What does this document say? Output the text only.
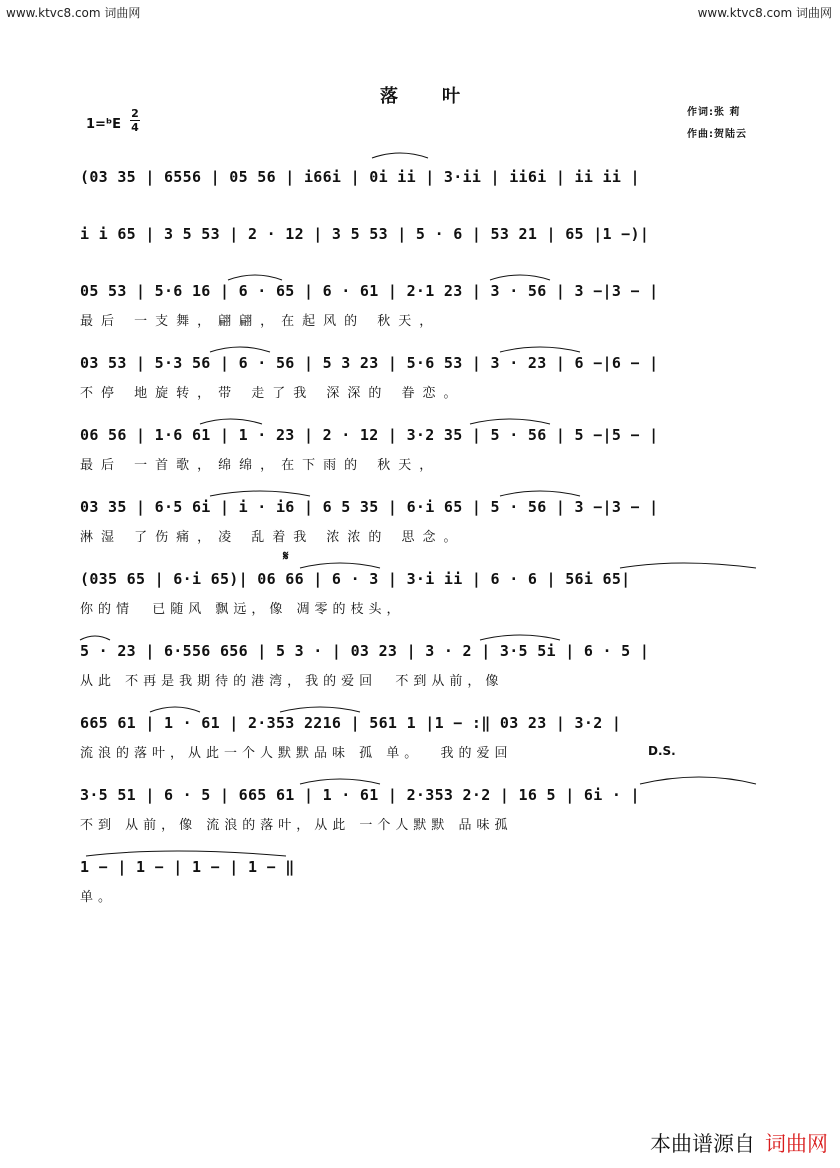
www.ktvc8.com 词曲网	www.ktvc8.com 词曲网
落叶
1=ᵇE
2
4
作词:张 莉
作曲:贺陆云
𝄋
(03 35 | 6556 | 05 56 | i66i | 0i ii | 3·ii | ii6i | ii ii |
i i 65 | 3 5 53 | 2 · 12 | 3 5 53 | 5 · 6 | 53 21 | 65 |1 −)|
05 53 | 5·6 16 | 6 · 65 | 6 · 61 | 2·1 23 | 3 · 56 | 3 −|3 − |
最后 一支舞，翩翩，在起风的 秋天，
03 53 | 5·3 56 | 6 · 56 | 5 3 23 | 5·6 53 | 3 · 23 | 6 −|6 − |
不停 地旋转，带 走了我 深深的 眷恋。
06 56 | 1·6 61 | 1 · 23 | 2 · 12 | 3·2 35 | 5 · 56 | 5 −|5 − |
最后 一首歌，绵绵，在下雨的 秋天，
03 35 | 6·5 6i | i · i6 | 6 5 35 | 6·i 65 | 5 · 56 | 3 −|3 − |
淋湿 了伤痛，凌 乱着我 浓浓的 思念。
(035 65 | 6·i 65)| 06 66 | 6 · 3 | 3·i ii | 6 · 6 | 56i 65|
你的情  已随风 飘远，像 凋零的枝头，
5 · 23 | 6·556 656 | 5 3 · | 03 23 | 3 · 2 | 3·5 5i | 6 · 5 |
从此 不再是我期待的港湾，我的爱回  不到从前，像
665 61 | 1 · 61 | 2·353 2216 | 561 1 |1 − :‖ 03 23 | 3·2 |
流浪的落叶，从此一个人默默品味 孤 单。  我的爱回	D.S.
3·5 51 | 6 · 5 | 665 61 | 1 · 61 | 2·353 2·2 | 16 5 | 6i · |
不到 从前，像 流浪的落叶，从此 一个人默默 品味孤
1 − | 1 − | 1 − | 1 − ‖
单。
本曲谱源自 词曲网
